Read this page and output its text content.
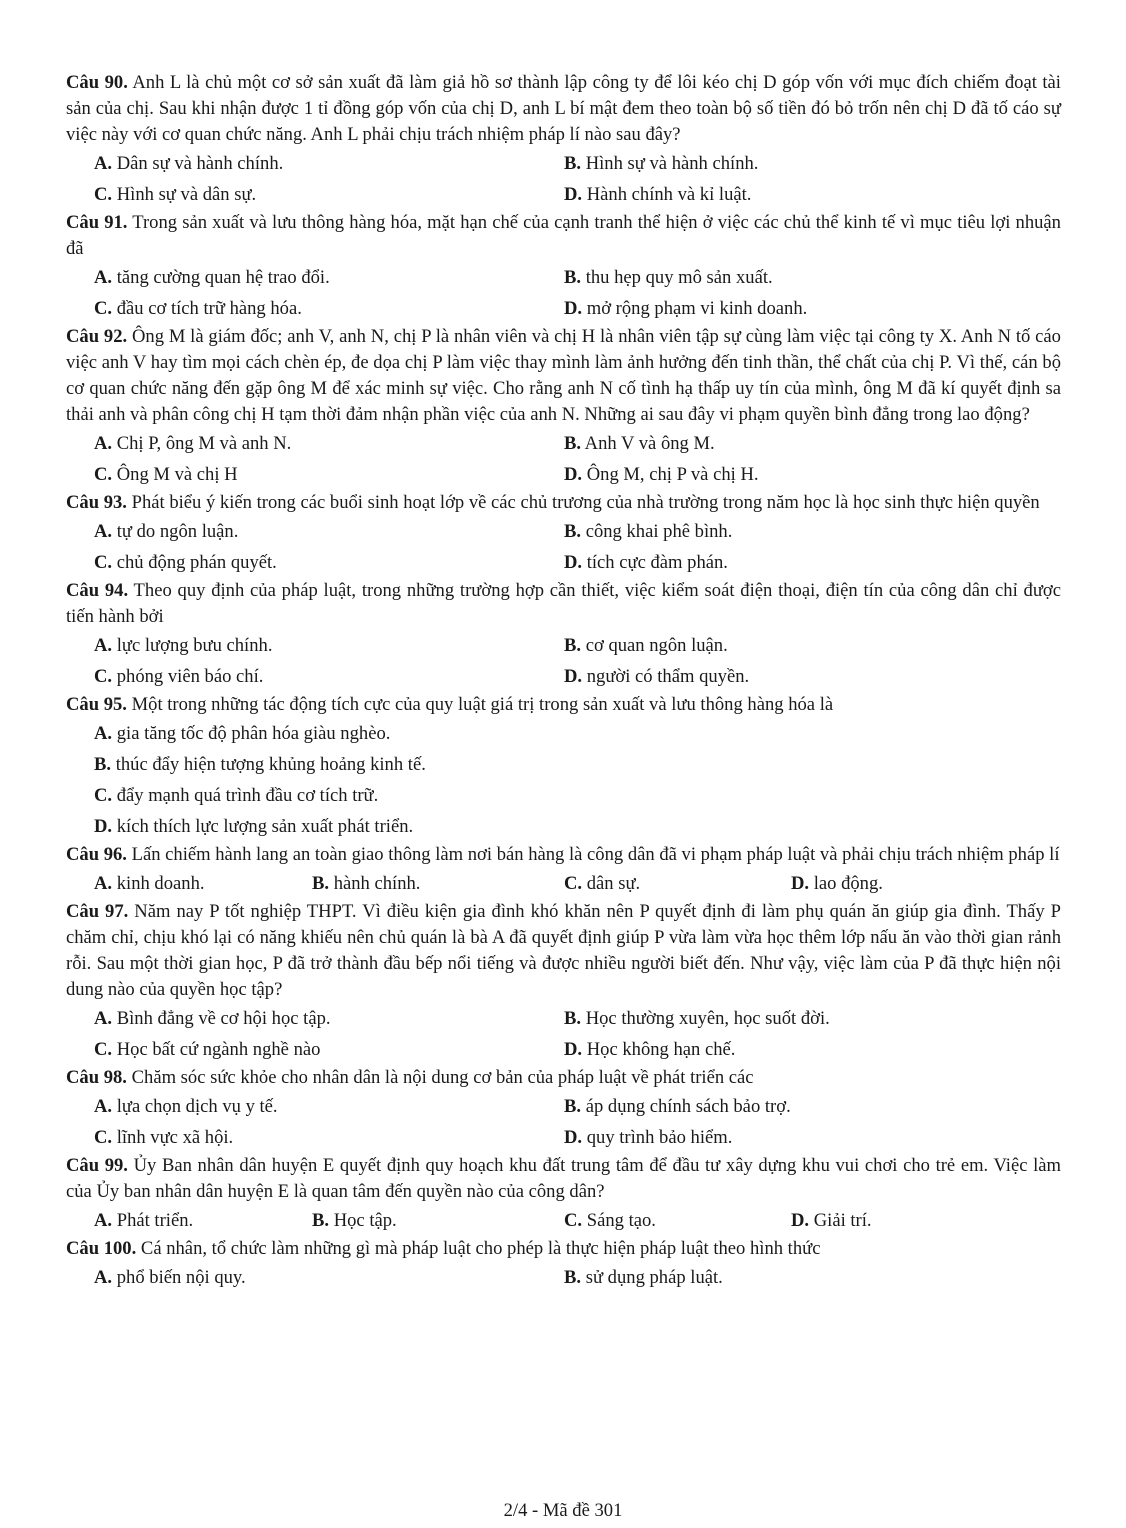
Câu 90. Anh L là chủ một cơ sở sản xuất đã làm giả hồ sơ thành lập công ty để lôi kéo chị D góp vốn với mục đích chiếm đoạt tài sản của chị. Sau khi nhận được 1 tỉ đồng góp vốn của chị D, anh L bí mật đem theo toàn bộ số tiền đó bỏ trốn nên chị D đã tố cáo sự việc này với cơ quan chức năng. Anh L phải chịu trách nhiệm pháp lí nào sau đây?
A. Dân sự và hành chính.	B. Hình sự và hành chính.
C. Hình sự và dân sự.	D. Hành chính và kỉ luật.
Câu 91. Trong sản xuất và lưu thông hàng hóa, mặt hạn chế của cạnh tranh thể hiện ở việc các chủ thể kinh tế vì mục tiêu lợi nhuận đã
A. tăng cường quan hệ trao đổi.	B. thu hẹp quy mô sản xuất.
C. đầu cơ tích trữ hàng hóa.	D. mở rộng phạm vi kinh doanh.
Câu 92. Ông M là giám đốc; anh V, anh N, chị P là nhân viên và chị H là nhân viên tập sự cùng làm việc tại công ty X. Anh N tố cáo việc anh V hay tìm mọi cách chèn ép, đe dọa chị P làm việc thay mình làm ảnh hưởng đến tinh thần, thể chất của chị P. Vì thế, cán bộ cơ quan chức năng đến gặp ông M để xác minh sự việc. Cho rằng anh N cố tình hạ thấp uy tín của mình, ông M đã kí quyết định sa thải anh và phân công chị H tạm thời đảm nhận phần việc của anh N. Những ai sau đây vi phạm quyền bình đẳng trong lao động?
A. Chị P, ông M và anh N.	B. Anh V và ông M.
C. Ông M và chị H	D. Ông M, chị P và chị H.
Câu 93. Phát biểu ý kiến trong các buổi sinh hoạt lớp về các chủ trương của nhà trường trong năm học là học sinh thực hiện quyền
A. tự do ngôn luận.	B. công khai phê bình.
C. chủ động phán quyết.	D. tích cực đàm phán.
Câu 94. Theo quy định của pháp luật, trong những trường hợp cần thiết, việc kiểm soát điện thoại, điện tín của công dân chỉ được tiến hành bởi
A. lực lượng bưu chính.	B. cơ quan ngôn luận.
C. phóng viên báo chí.	D. người có thẩm quyền.
Câu 95. Một trong những tác động tích cực của quy luật giá trị trong sản xuất và lưu thông hàng hóa là
A. gia tăng tốc độ phân hóa giàu nghèo.
B. thúc đẩy hiện tượng khủng hoảng kinh tế.
C. đẩy mạnh quá trình đầu cơ tích trữ.
D. kích thích lực lượng sản xuất phát triển.
Câu 96. Lấn chiếm hành lang an toàn giao thông làm nơi bán hàng là công dân đã vi phạm pháp luật và phải chịu trách nhiệm pháp lí
A. kinh doanh.	B. hành chính.	C. dân sự.	D. lao động.
Câu 97. Năm nay P tốt nghiệp THPT. Vì điều kiện gia đình khó khăn nên P quyết định đi làm phụ quán ăn giúp gia đình. Thấy P chăm chỉ, chịu khó lại có năng khiếu nên chủ quán là bà A đã quyết định giúp P vừa làm vừa học thêm lớp nấu ăn vào thời gian rảnh rỗi. Sau một thời gian học, P đã trở thành đầu bếp nổi tiếng và được nhiều người biết đến. Như vậy, việc làm của P đã thực hiện nội dung nào của quyền học tập?
A. Bình đẳng về cơ hội học tập.	B. Học thường xuyên, học suốt đời.
C. Học bất cứ ngành nghề nào	D. Học không hạn chế.
Câu 98. Chăm sóc sức khỏe cho nhân dân là nội dung cơ bản của pháp luật về phát triển các
A. lựa chọn dịch vụ y tế.	B. áp dụng chính sách bảo trợ.
C. lĩnh vực xã hội.	D. quy trình bảo hiểm.
Câu 99. Ủy Ban nhân dân huyện E quyết định quy hoạch khu đất trung tâm để đầu tư xây dựng khu vui chơi cho trẻ em. Việc làm của Ủy ban nhân dân huyện E là quan tâm đến quyền nào của công dân?
A. Phát triển.	B. Học tập.	C. Sáng tạo.	D. Giải trí.
Câu 100. Cá nhân, tổ chức làm những gì mà pháp luật cho phép là thực hiện pháp luật theo hình thức
A. phổ biến nội quy.	B. sử dụng pháp luật.
2/4 - Mã đề 301
